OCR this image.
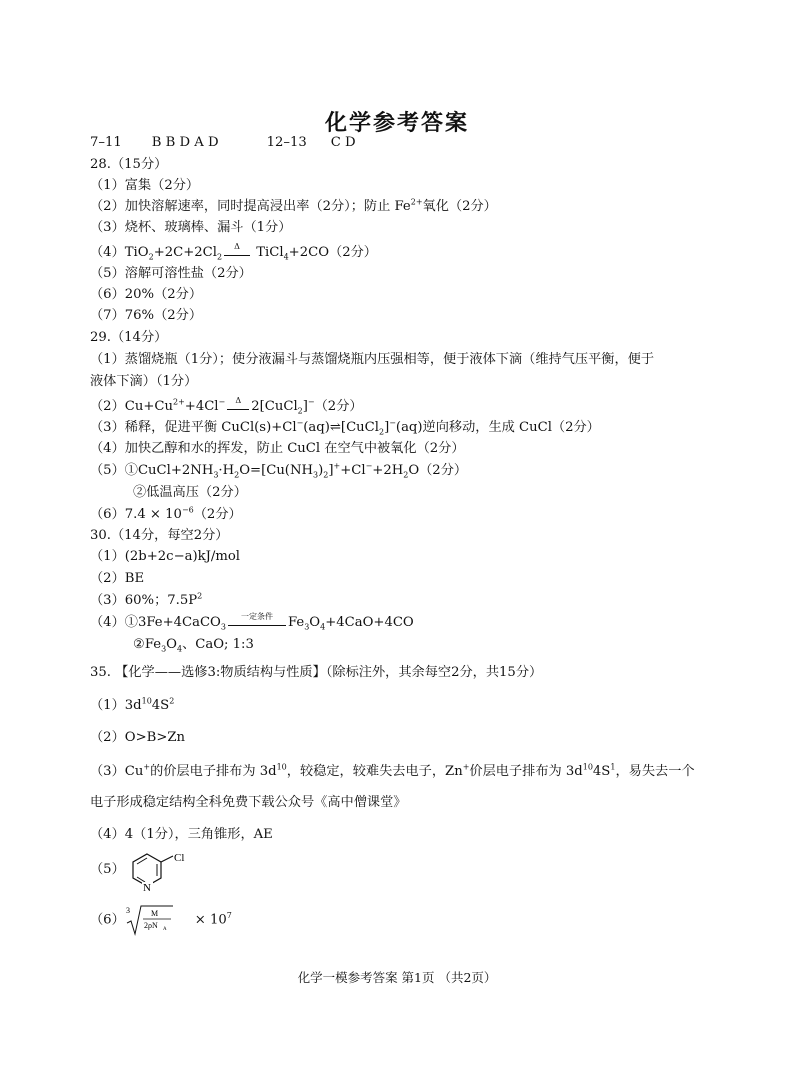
化学参考答案
7–11 B B D A D	12–13 C D
28.（15分）
（1）富集（2分）
（2）加快溶解速率，同时提高浸出率（2分）；防止 $Fe^{2+}$氧化（2分）
（3）烧杯、玻璃棒、漏斗（1分）
$(4)TiO_2+2C+2Cl_2$
Δ TiCl$_4$+2CO（2分）
（5）溶解可溶性盐（2分）
（6）20%（2分）
（7）76%（2分）
29.（14分）
（1）蒸馏烧瓶（1分）；使分液漏斗与蒸馏烧瓶内压强相等，便于液体下滴（维持气压平衡，便于
液体下滴）（1分）
$(2)Cu+Cu^{2+}+4Cl^-$	Δ 2[CuCl$_2$]−（2分）
（3）稀释，促进平衡 CuCl(s)+Cl−(aq)⇌[CuCl$_2$]−(aq)逆向移动，生成 CuCl（2分）
（4）加快乙醇和水的挥发，防止 CuCl 在空气中被氧化（2分）
$(5)①CuCl+2NH_3\cdot H_2O=[Cu(NH_3)_2]^++Cl^-+2H_2O(2$分）
②低温高压（2分）
$(6)7.4 \times 10^{-6}(2$分）
30.（14分，每空2分）
（1）(2b+2c−a)kJ/mol
（2）BE
（3）60%；$7.5P^2$
（4）①3Fe+4CaCO$_3$
一定条件	$Fe_3O_4+4CaO+4CO$
$②Fe_3O_4$、CaO; 1:3
35. 【化学——选修3:物质结构与性质】（除标注外，其余每空2分，共15分）
$(1)3d^{10}4S^2$
（2）O>B>Zn
（3）Cu+的价层电子排布为 $3d^{10}$，较稳定，较难失去电子，Zn+价层电子排布为 $3d^{10}4S^1$，易失去一个
电子形成稳定结构全科免费下载公众号《高中僧课堂》
（4）4（1分），三角锥形，AE
（5）
Cl
N
（6）
3	M
2ρN A
× $10^7$
化学一模参考答案 第1页 （共2页）
